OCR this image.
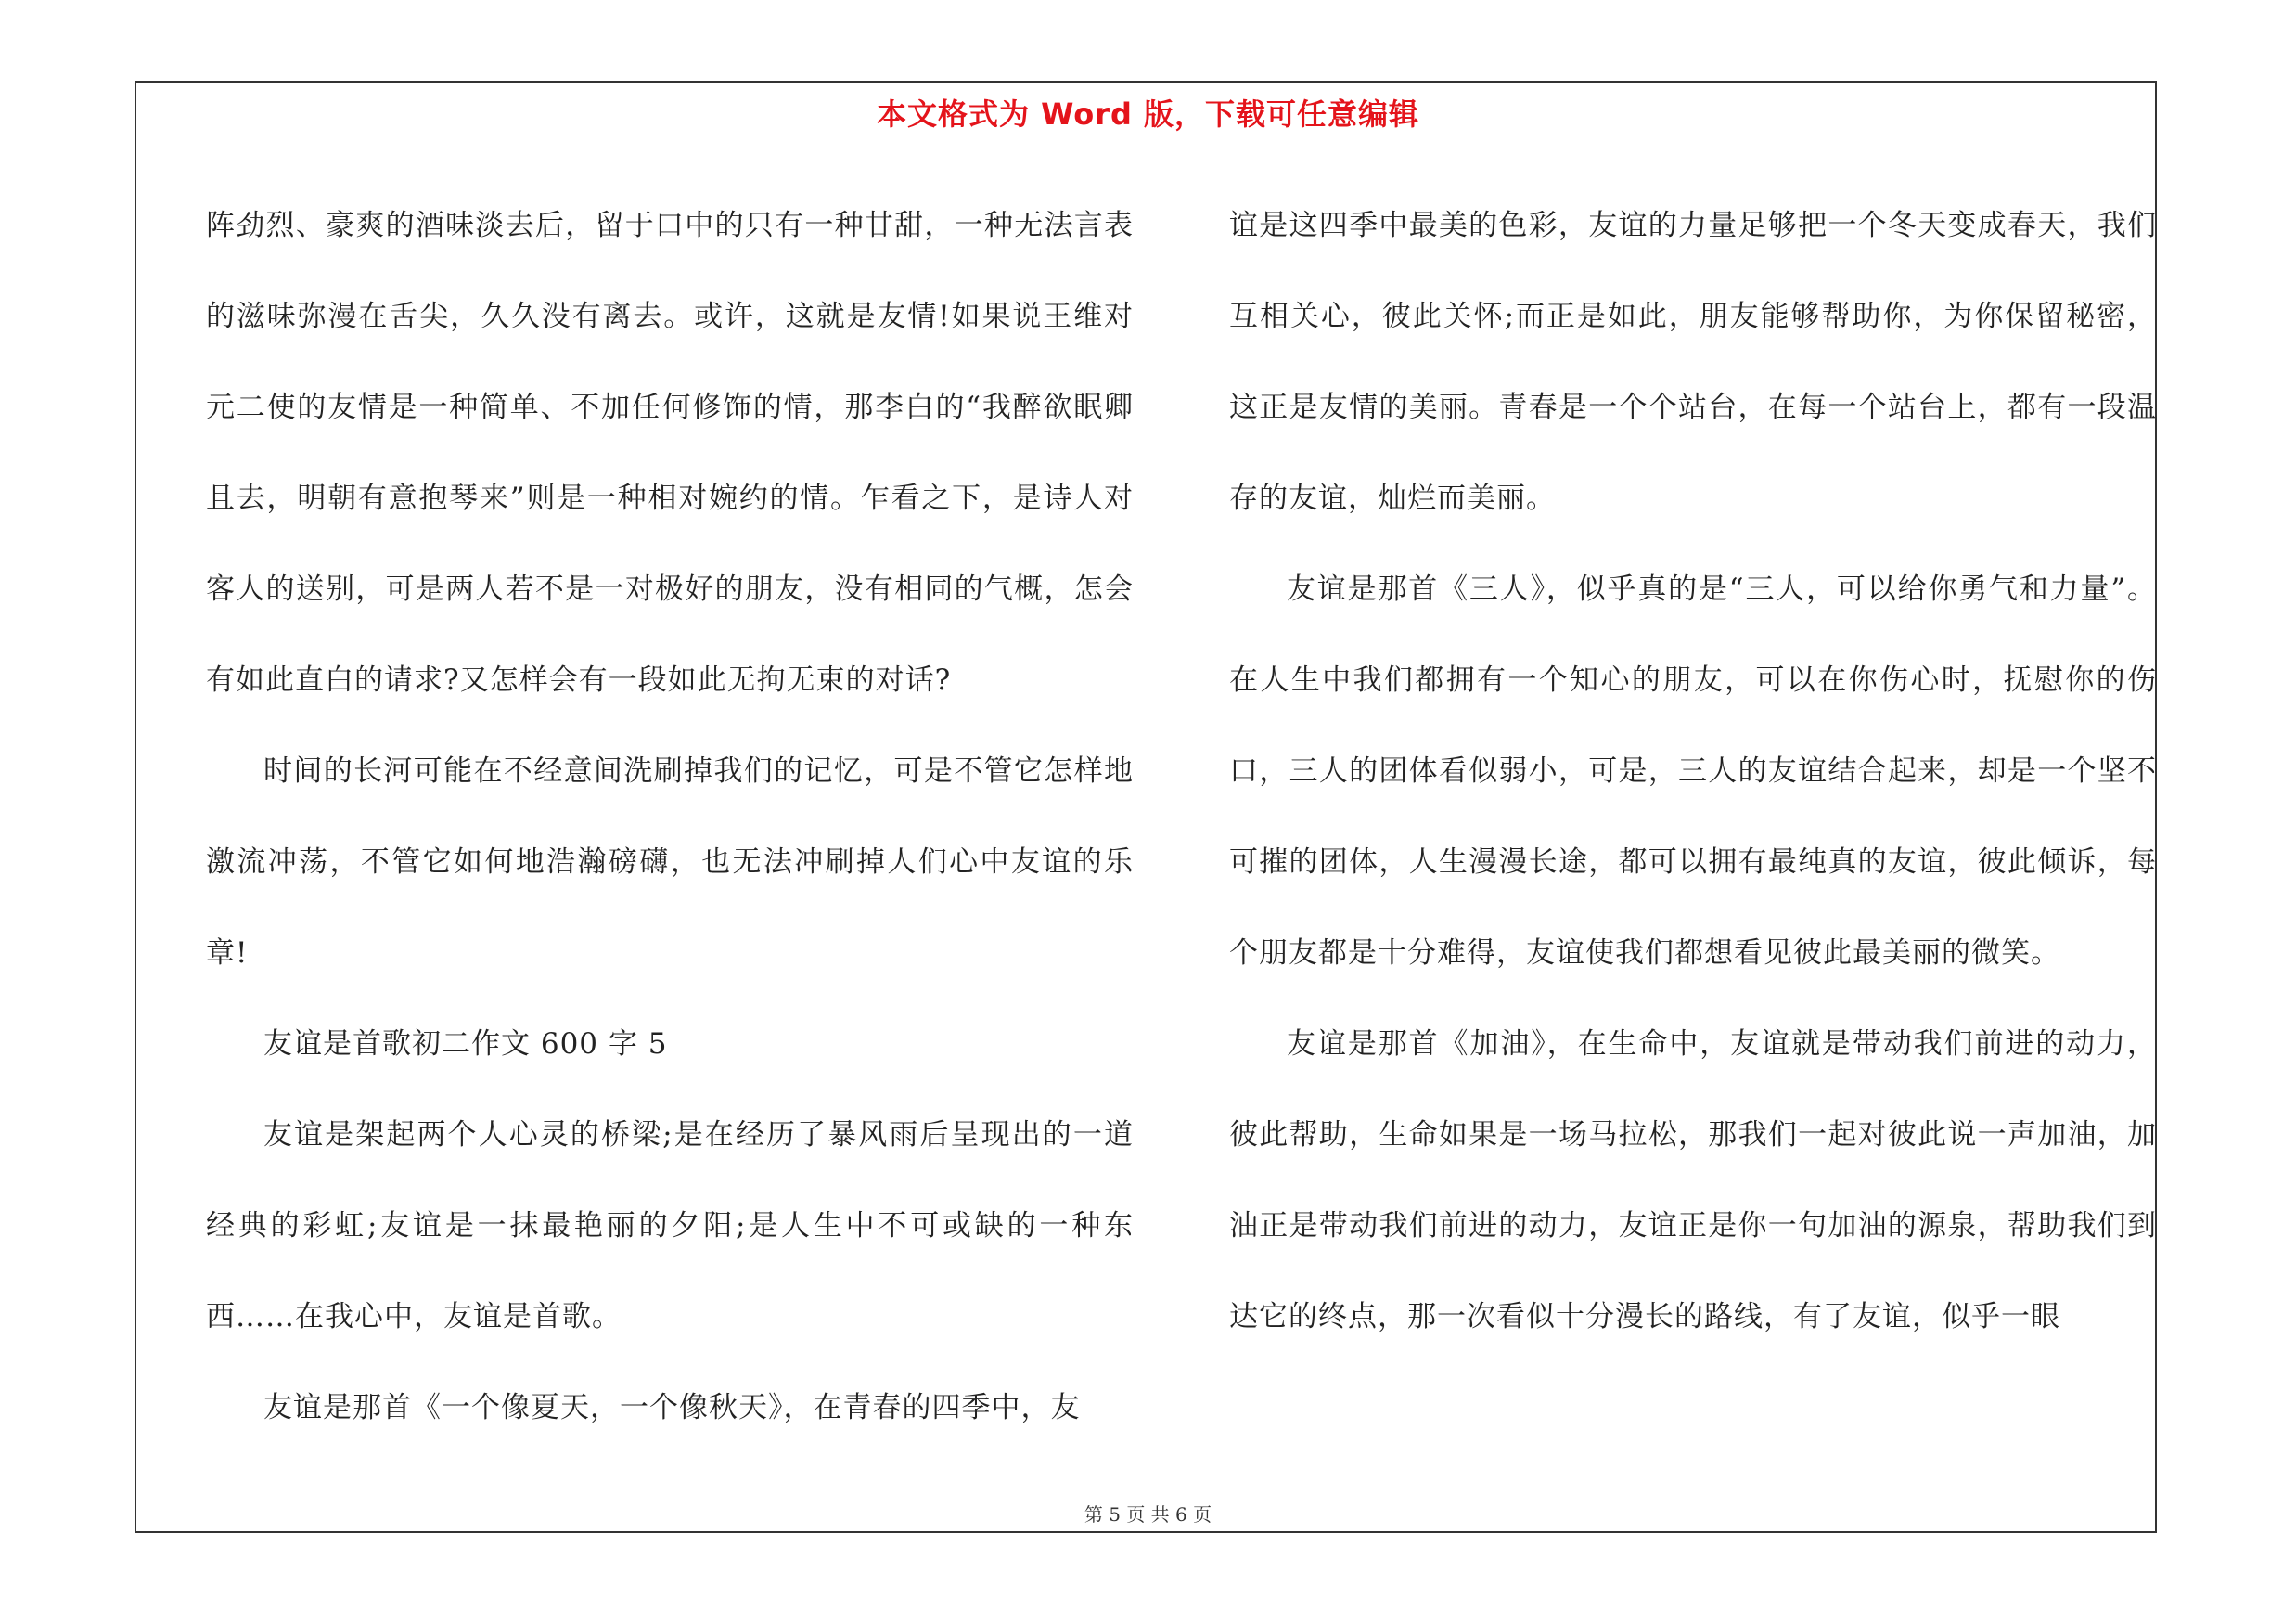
本文格式为 Word 版，下载可任意编辑

阵劲烈、豪爽的酒味淡去后，留于口中的只有一种甘甜，一种无法言表的滋味弥漫在舌尖，久久没有离去。或许，这就是友情!如果说王维对元二使的友情是一种简单、不加任何修饰的情，那李白的“我醉欲眠卿且去，明朝有意抱琴来”则是一种相对婉约的情。乍看之下，是诗人对客人的送别，可是两人若不是一对极好的朋友，没有相同的气概，怎会有如此直白的请求?又怎样会有一段如此无拘无束的对话?

时间的长河可能在不经意间洗刷掉我们的记忆，可是不管它怎样地激流冲荡，不管它如何地浩瀚磅礴，也无法冲刷掉人们心中友谊的乐章!

友谊是首歌初二作文 600 字 5

友谊是架起两个人心灵的桥梁;是在经历了暴风雨后呈现出的一道经典的彩虹;友谊是一抹最艳丽的夕阳;是人生中不可或缺的一种东西……在我心中，友谊是首歌。

友谊是那首《一个像夏天，一个像秋天》，在青春的四季中，友

谊是这四季中最美的色彩，友谊的力量足够把一个冬天变成春天，我们互相关心，彼此关怀;而正是如此，朋友能够帮助你，为你保留秘密，这正是友情的美丽。青春是一个个站台，在每一个站台上，都有一段温存的友谊，灿烂而美丽。

友谊是那首《三人》，似乎真的是“三人，可以给你勇气和力量”。在人生中我们都拥有一个知心的朋友，可以在你伤心时，抚慰你的伤口，三人的团体看似弱小，可是，三人的友谊结合起来，却是一个坚不可摧的团体，人生漫漫长途，都可以拥有最纯真的友谊，彼此倾诉，每个朋友都是十分难得，友谊使我们都想看见彼此最美丽的微笑。

友谊是那首《加油》，在生命中，友谊就是带动我们前进的动力，彼此帮助，生命如果是一场马拉松，那我们一起对彼此说一声加油，加油正是带动我们前进的动力，友谊正是你一句加油的源泉，帮助我们到达它的终点，那一次看似十分漫长的路线，有了友谊，似乎一眼

第 5 页 共 6 页
